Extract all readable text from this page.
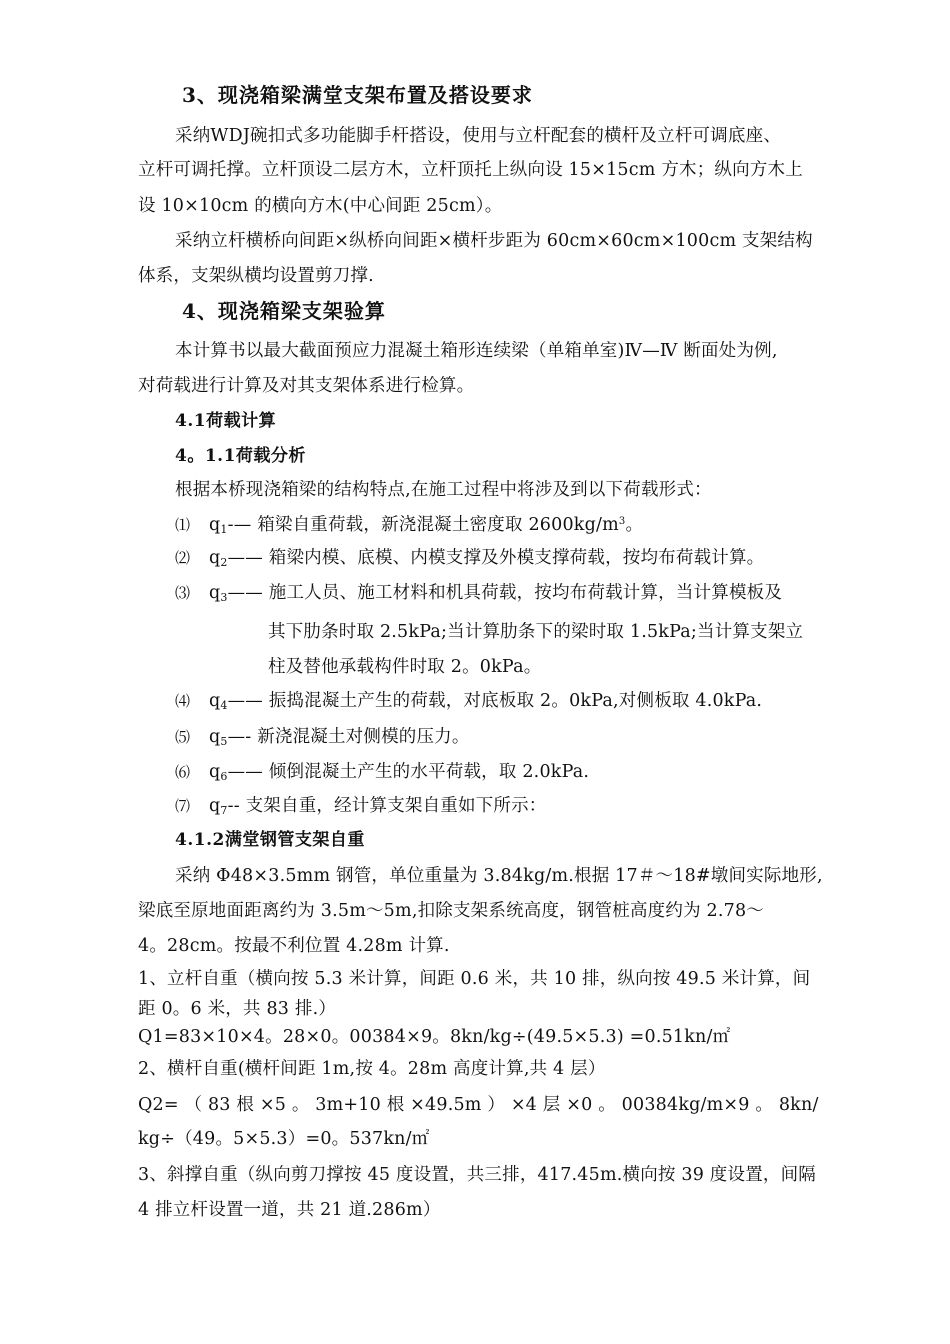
3、现浇箱梁满堂支架布置及搭设要求
采纳WDJ碗扣式多功能脚手杆搭设，使用与立杆配套的横杆及立杆可调底座、
立杆可调托撑。立杆顶设二层方木，立杆顶托上纵向设 15×15cm 方木；纵向方木上
设 10×10cm 的横向方木(中心间距 25cm）。
采纳立杆横桥向间距×纵桥向间距×横杆步距为 60cm×60cm×100cm 支架结构
体系，支架纵横均设置剪刀撑.
4、现浇箱梁支架验算
本计算书以最大截面预应力混凝土箱形连续梁（单箱单室)Ⅳ—Ⅳ 断面处为例,
对荷载进行计算及对其支架体系进行检算。
4.1荷载计算
4。1.1荷载分析
根据本桥现浇箱梁的结构特点,在施工过程中将涉及到以下荷载形式：
⑴ $q_1-—$ 箱梁自重荷载，新浇混凝土密度取 $2600kg/m^3$。
⑵ $q_2——$ 箱梁内模、底模、内模支撑及外模支撑荷载，按均布荷载计算。
⑶ $q_3——$ 施工人员、施工材料和机具荷载，按均布荷载计算，当计算模板及
其下肋条时取 2.5kPa;当计算肋条下的梁时取 1.5kPa;当计算支架立
柱及替他承载构件时取 2。0kPa。
⑷ $q_4——$ 振捣混凝土产生的荷载，对底板取 2。0kPa,对侧板取 4.0kPa.
⑸ $q_5—-$ 新浇混凝土对侧模的压力。
⑹ $q_6——$ 倾倒混凝土产生的水平荷载，取 2.0kPa.
⑺ $q_7--$ 支架自重，经计算支架自重如下所示：
4.1.2满堂钢管支架自重
采纳 Φ48×3.5mm 钢管，单位重量为 3.84kg/m.根据 17＃～18#墩间实际地形,
梁底至原地面距离约为 3.5m～5m,扣除支架系统高度，钢管桩高度约为 2.78～
4。28cm。按最不利位置 4.28m 计算.
1、立杆自重（横向按 5.3 米计算，间距 0.6 米，共 10 排，纵向按 49.5 米计算，间
距 0。6 米，共 83 排.）
Q1=83×10×4。28×0。00384×9。8kn/kg÷(49.5×5.3) =0.51kn/㎡
2、横杆自重(横杆间距 1m,按 4。28m 高度计算,共 4 层）
Q2= （ 83 根 ×5 。 3m+10 根 ×49.5m ） ×4 层 ×0 。 00384kg/m×9 。 8kn/
kg÷（49。5×5.3）=0。537kn/㎡
3、斜撑自重（纵向剪刀撑按 45 度设置，共三排，417.45m.横向按 39 度设置，间隔
4 排立杆设置一道，共 21 道.286m）
